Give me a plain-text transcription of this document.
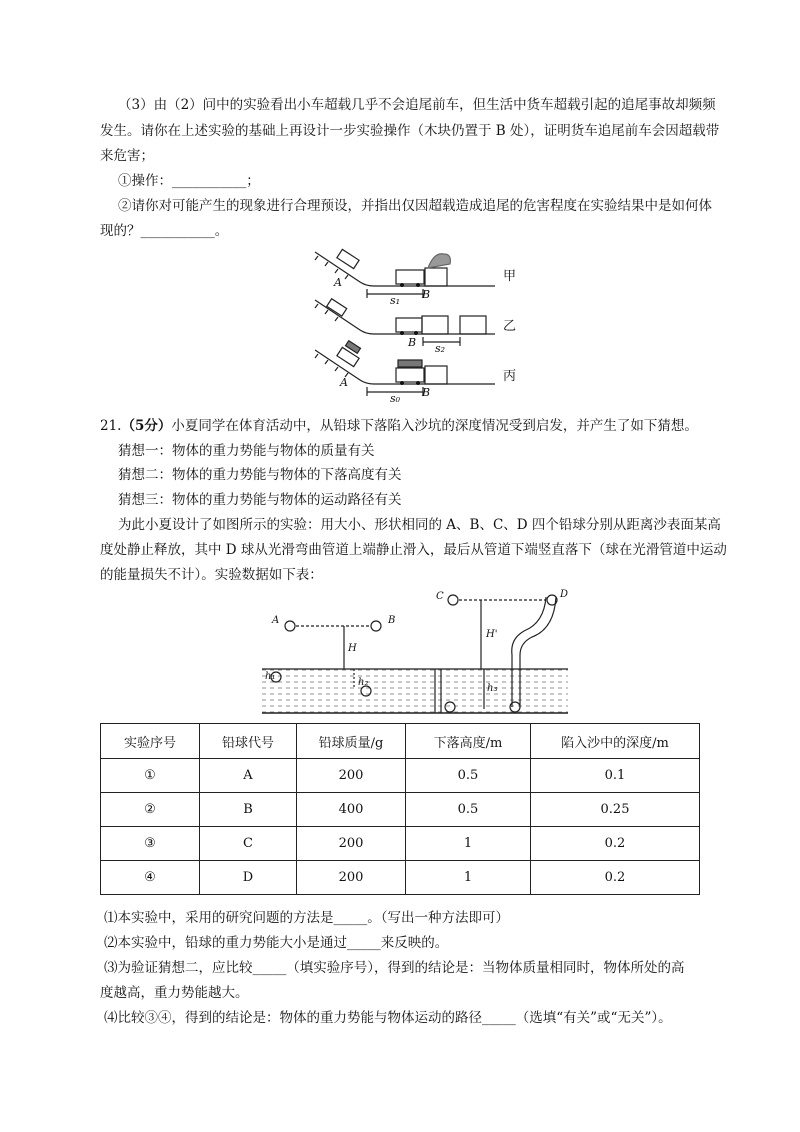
（3）由（2）问中的实验看出小车超载几乎不会追尾前车，但生活中货车超载引起的追尾事故却频频
发生。请你在上述实验的基础上再设计一步实验操作（木块仍置于 B 处），证明货车追尾前车会因超载带
来危害；
①操作：___________；
②请你对可能产生的现象进行合理预设，并指出仅因超载造成追尾的危害程度在实验结果中是如何体
现的？___________。
A
B
s₁
B s₂
A
B
s₀
甲
乙
丙
21.（5分）小夏同学在体育活动中，从铅球下落陷入沙坑的深度情况受到启发，并产生了如下猜想。
猜想一：物体的重力势能与物体的质量有关
猜想二：物体的重力势能与物体的下落高度有关
猜想三：物体的重力势能与物体的运动路径有关
为此小夏设计了如图所示的实验：用大小、形状相同的 A、B、C、D 四个铅球分别从距离沙表面某高
度处静止释放，其中 D 球从光滑弯曲管道上端静止滑入，最后从管道下端竖直落下（球在光滑管道中运动
的能量损失不计）。实验数据如下表：
A	B
H
h₁
h₂
C	D
H'
h₃
实验序号	铅球代号	铅球质量/g	下落高度/m	陷入沙中的深度/m
①	A	200	0.5	0.1
②	B	400	0.5	0.25
③	C	200	1	0.2
④	D	200	1	0.2
⑴本实验中，采用的研究问题的方法是_____。（写出一种方法即可）
⑵本实验中，铅球的重力势能大小是通过_____来反映的。
⑶为验证猜想二，应比较_____（填实验序号），得到的结论是：当物体质量相同时，物体所处的高
度越高，重力势能越大。
⑷比较③④，得到的结论是：物体的重力势能与物体运动的路径_____（选填“有关”或“无关”）。
